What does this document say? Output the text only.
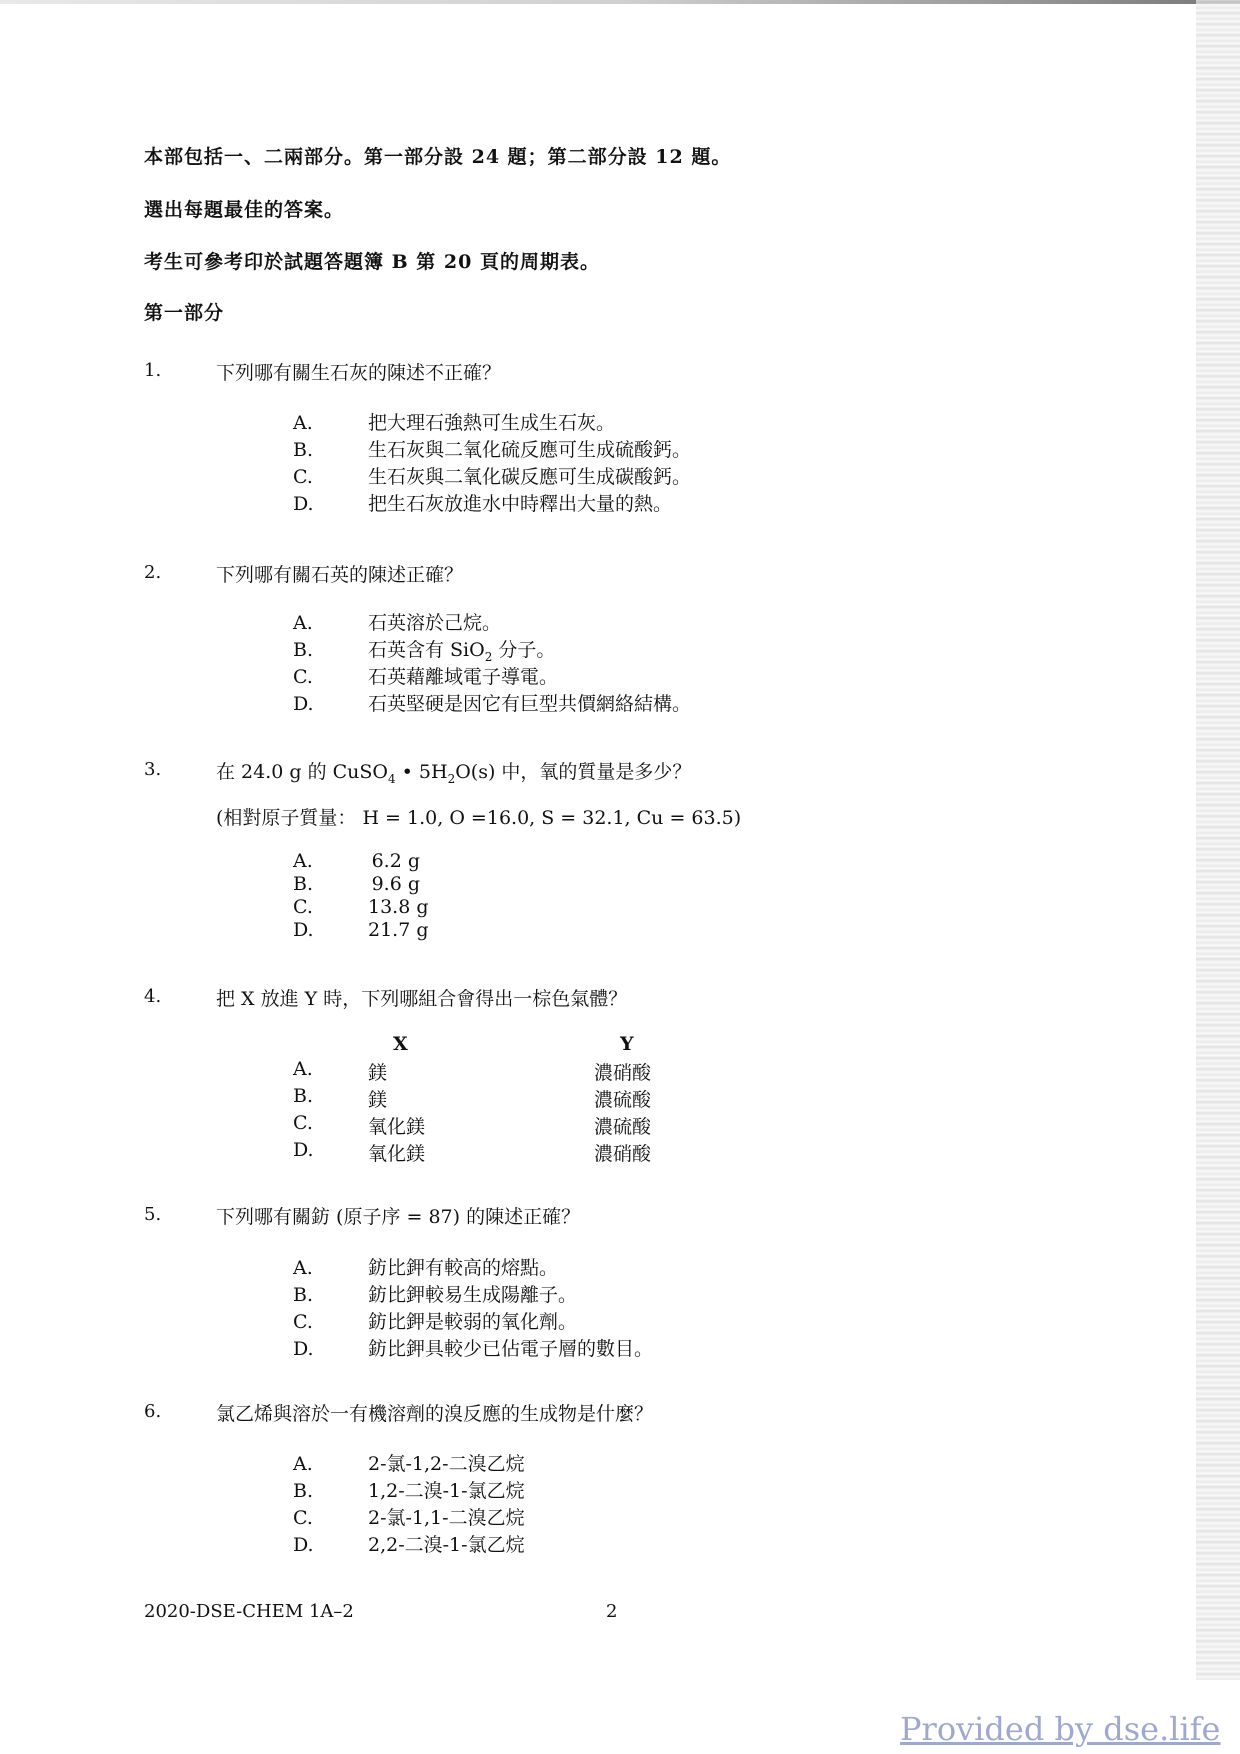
本部包括一、二兩部分。第一部分設 24 題；第二部分設 12 題。
選出每題最佳的答案。
考生可參考印於試題答題簿 B 第 20 頁的周期表。
第一部分
1.	下列哪有關生石灰的陳述不正確？
A.	把大理石強熱可生成生石灰。
B.	生石灰與二氧化硫反應可生成硫酸鈣。
C.	生石灰與二氧化碳反應可生成碳酸鈣。
D.	把生石灰放進水中時釋出大量的熱。
2.	下列哪有關石英的陳述正確？
A.	石英溶於己烷。
B.	石英含有 SiO$_2$ 分子。
C.	石英藉離域電子導電。
D.	石英堅硬是因它有巨型共價網絡結構。
3.	在 24.0 g 的 CuSO$_4$ • $5H_2O(s)$ 中，氧的質量是多少？
(相對原子質量： H = 1.0, O =16.0, S = 32.1, Cu = 63.5)
A.	6.2 g
B.	9.6 g
C.	13.8 g
D.	21.7 g
4.	把 X 放進 Y 時，下列哪組合會得出一棕色氣體？
X	Y
A.	鎂	濃硝酸
B.	鎂	濃硫酸
C.	氧化鎂	濃硫酸
D.	氧化鎂	濃硝酸
5.	下列哪有關鈁 (原子序 = 87) 的陳述正確？
A.	鈁比鉀有較高的熔點。
B.	鈁比鉀較易生成陽離子。
C.	鈁比鉀是較弱的氧化劑。
D.	鈁比鉀具較少已佔電子層的數目。
6.	氯乙烯與溶於一有機溶劑的溴反應的生成物是什麼？
A.	2-氯-1,2-二溴乙烷
B.	1,2-二溴-1-氯乙烷
C.	2-氯-1,1-二溴乙烷
D.	2,2-二溴-1-氯乙烷
2020-DSE-CHEM 1A–2	2
Provided by dse.life
